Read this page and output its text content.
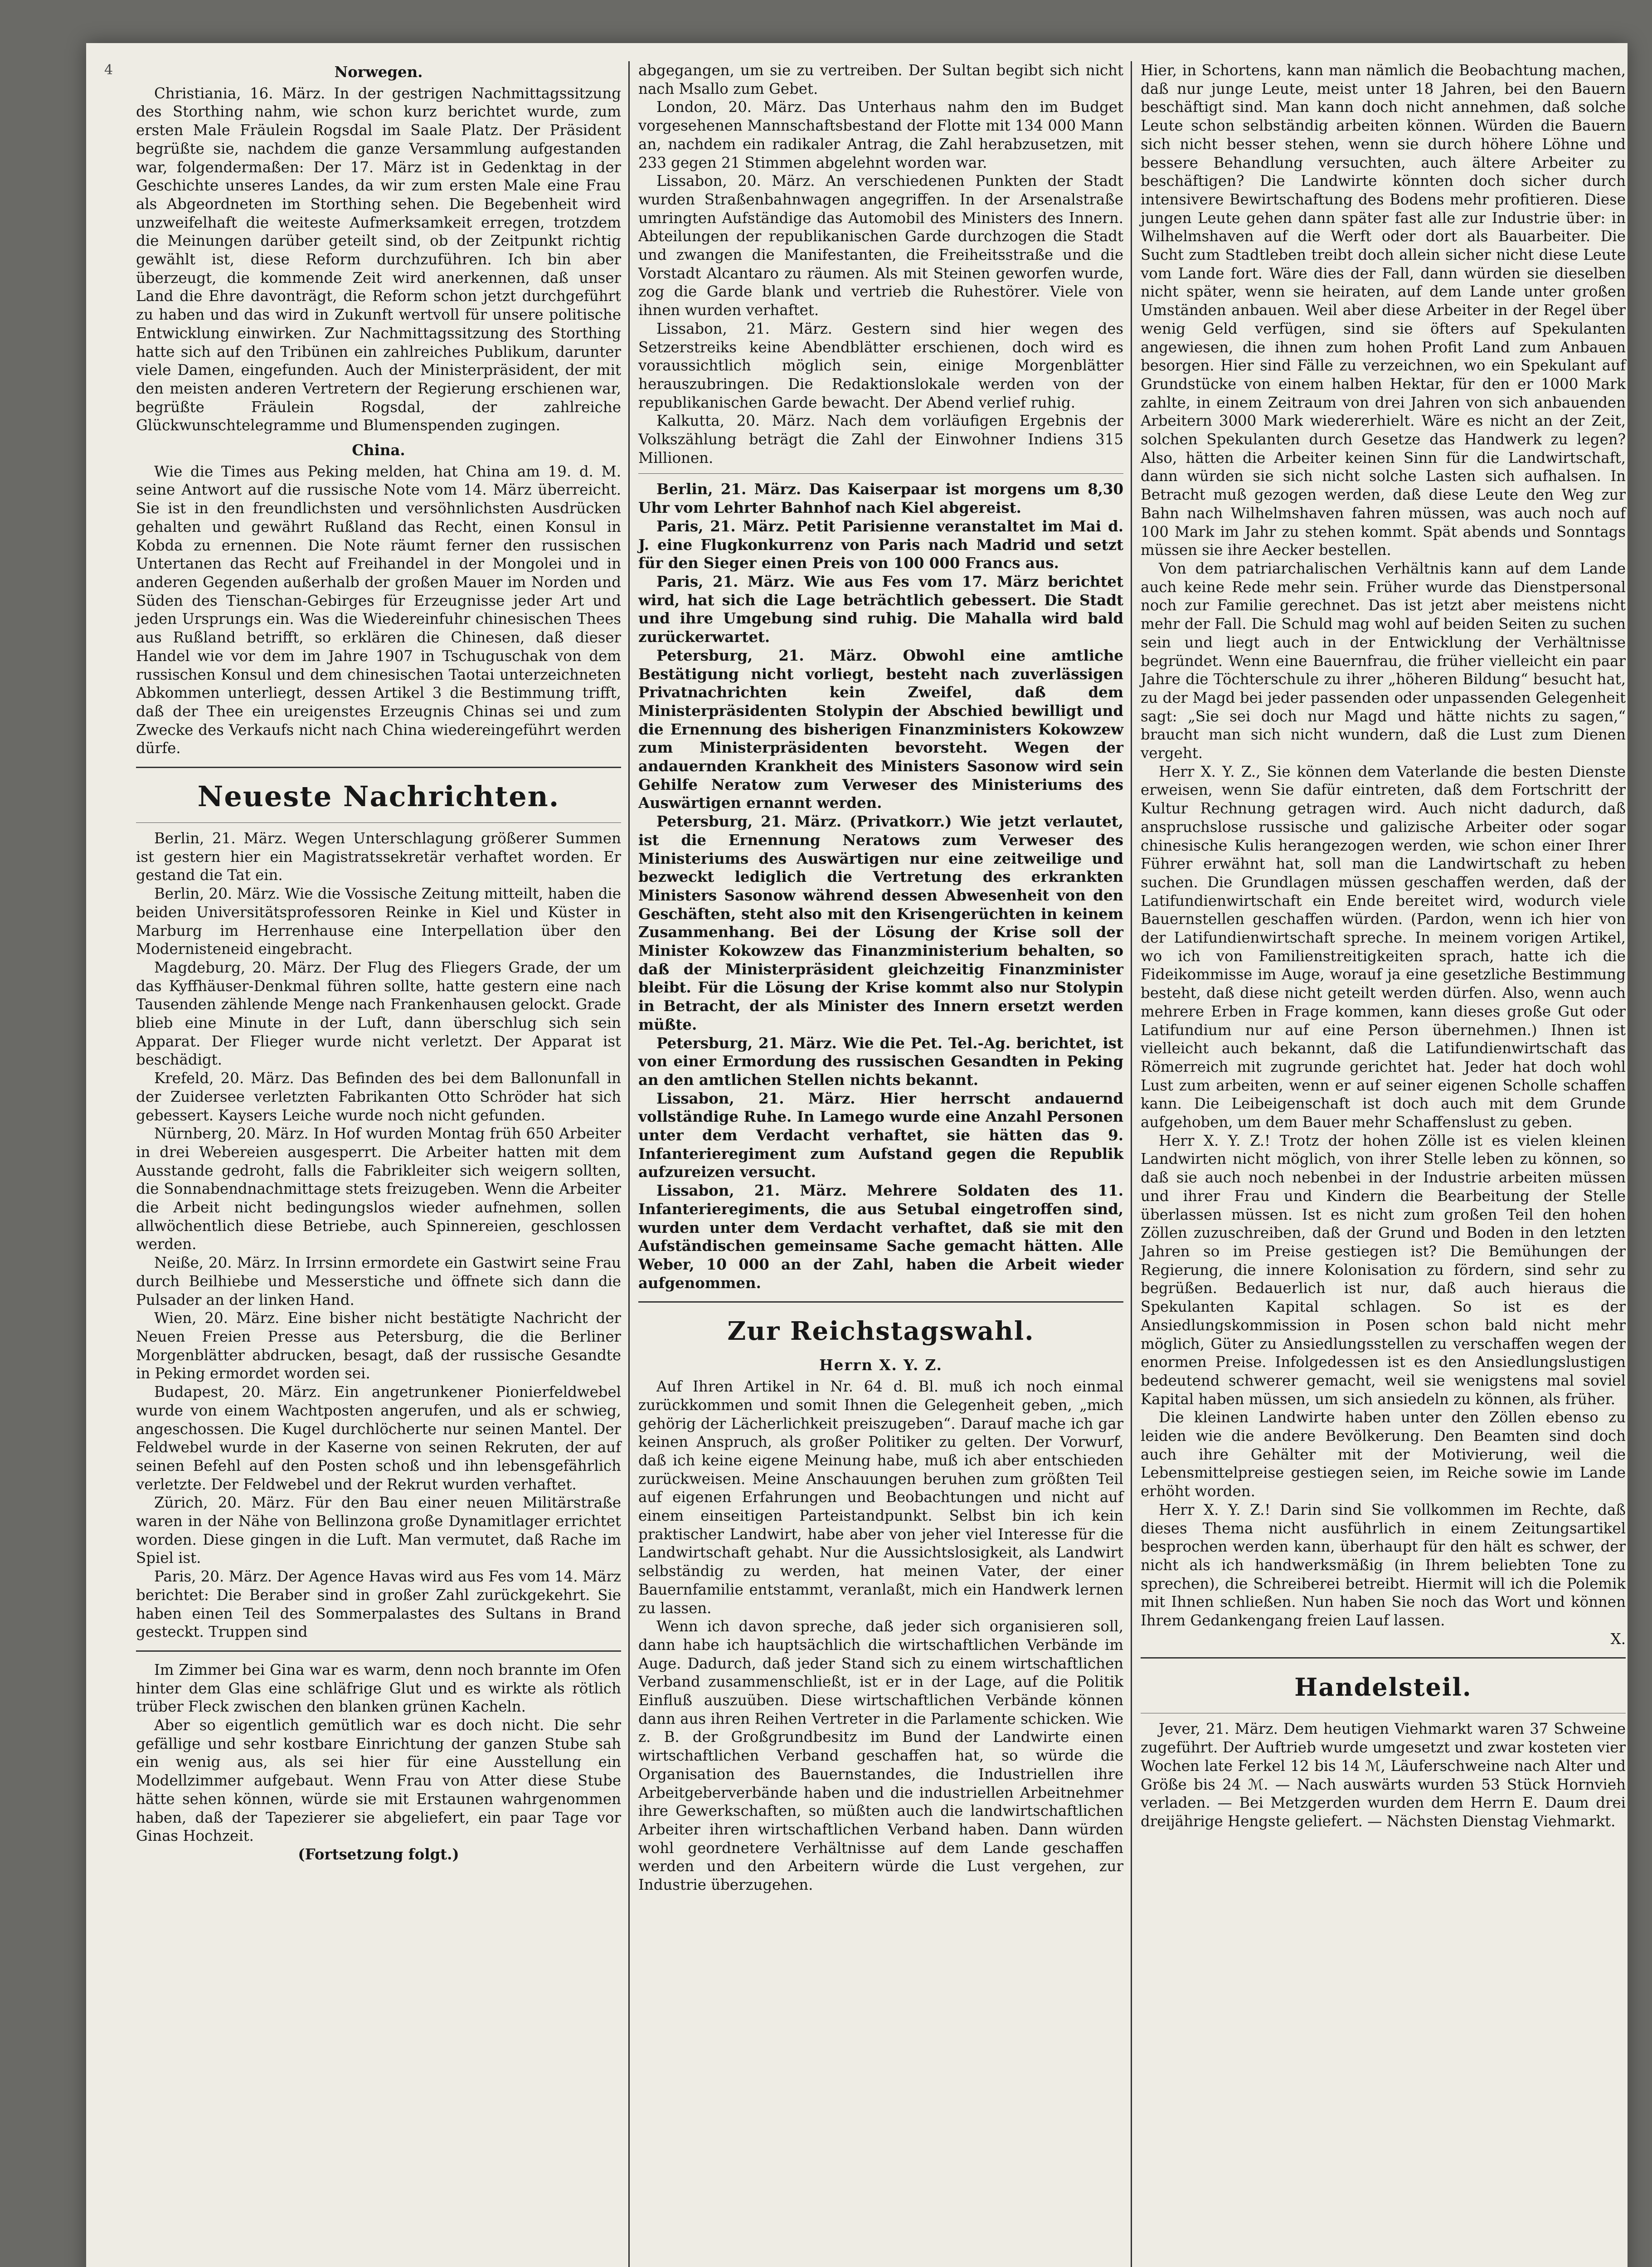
4	Norwegen.

Christiania, 16. März. In der gestrigen Nachmittagssitzung des Storthing nahm, wie schon kurz berichtet wurde, zum ersten Male Fräulein Rogsdal im Saale Platz. Der Präsident begrüßte sie, nachdem die ganze Versammlung aufgestanden war, folgendermaßen: Der 17. März ist in Gedenktag in der Geschichte unseres Landes, da wir zum ersten Male eine Frau als Abgeordneten im Storthing sehen. Die Begebenheit wird unzweifelhaft die weiteste Aufmerksamkeit erregen, trotzdem die Meinungen darüber geteilt sind, ob der Zeitpunkt richtig gewählt ist, diese Reform durchzuführen. Ich bin aber überzeugt, die kommende Zeit wird anerkennen, daß unser Land die Ehre davonträgt, die Reform schon jetzt durchgeführt zu haben und das wird in Zukunft wertvoll für unsere politische Entwicklung einwirken. Zur Nachmittagssitzung des Storthing hatte sich auf den Tribünen ein zahlreiches Publikum, darunter viele Damen, eingefunden. Auch der Ministerpräsident, der mit den meisten anderen Vertretern der Regierung erschienen war, begrüßte Fräulein Rogsdal, der zahlreiche Glückwunschtelegramme und Blumenspenden zugingen.

China.

Wie die Times aus Peking melden, hat China am 19. d. M. seine Antwort auf die russische Note vom 14. März überreicht. Sie ist in den freundlichsten und versöhnlichsten Ausdrücken gehalten und gewährt Rußland das Recht, einen Konsul in Kobda zu ernennen. Die Note räumt ferner den russischen Untertanen das Recht auf Freihandel in der Mongolei und in anderen Gegenden außerhalb der großen Mauer im Norden und Süden des Tienschan-Gebirges für Erzeugnisse jeder Art und jeden Ursprungs ein. Was die Wiedereinfuhr chinesischen Thees aus Rußland betrifft, so erklären die Chinesen, daß dieser Handel wie vor dem im Jahre 1907 in Tschuguschak von dem russischen Konsul und dem chinesischen Taotai unterzeichneten Abkommen unterliegt, dessen Artikel 3 die Bestimmung trifft, daß der Thee ein ureigenstes Erzeugnis Chinas sei und zum Zwecke des Verkaufs nicht nach China wiedereingeführt werden dürfe.

Neueste Nachrichten.

Berlin, 21. März. Wegen Unterschlagung größerer Summen ist gestern hier ein Magistratssekretär verhaftet worden. Er gestand die Tat ein.

Berlin, 20. März. Wie die Vossische Zeitung mitteilt, haben die beiden Universitätsprofessoren Reinke in Kiel und Küster in Marburg im Herrenhause eine Interpellation über den Modernisteneid eingebracht.

Magdeburg, 20. März. Der Flug des Fliegers Grade, der um das Kyffhäuser-Denkmal führen sollte, hatte gestern eine nach Tausenden zählende Menge nach Frankenhausen gelockt. Grade blieb eine Minute in der Luft, dann überschlug sich sein Apparat. Der Flieger wurde nicht verletzt. Der Apparat ist beschädigt.

Krefeld, 20. März. Das Befinden des bei dem Ballonunfall in der Zuidersee verletzten Fabrikanten Otto Schröder hat sich gebessert. Kaysers Leiche wurde noch nicht gefunden.

Nürnberg, 20. März. In Hof wurden Montag früh 650 Arbeiter in drei Webereien ausgesperrt. Die Arbeiter hatten mit dem Ausstande gedroht, falls die Fabrikleiter sich weigern sollten, die Sonnabendnachmittage stets freizugeben. Wenn die Arbeiter die Arbeit nicht bedingungslos wieder aufnehmen, sollen allwöchentlich diese Betriebe, auch Spinnereien, geschlossen werden.

Neiße, 20. März. In Irrsinn ermordete ein Gastwirt seine Frau durch Beilhiebe und Messerstiche und öffnete sich dann die Pulsader an der linken Hand.

Wien, 20. März. Eine bisher nicht bestätigte Nachricht der Neuen Freien Presse aus Petersburg, die die Berliner Morgenblätter abdrucken, besagt, daß der russische Gesandte in Peking ermordet worden sei.

Budapest, 20. März. Ein angetrunkener Pionierfeldwebel wurde von einem Wachtposten angerufen, und als er schwieg, angeschossen. Die Kugel durchlöcherte nur seinen Mantel. Der Feldwebel wurde in der Kaserne von seinen Rekruten, der auf seinen Befehl auf den Posten schoß und ihn lebensgefährlich verletzte. Der Feldwebel und der Rekrut wurden verhaftet.

Zürich, 20. März. Für den Bau einer neuen Militärstraße waren in der Nähe von Bellinzona große Dynamitlager errichtet worden. Diese gingen in die Luft. Man vermutet, daß Rache im Spiel ist.

Paris, 20. März. Der Agence Havas wird aus Fes vom 14. März berichtet: Die Beraber sind in großer Zahl zurückgekehrt. Sie haben einen Teil des Sommerpalastes des Sultans in Brand gesteckt. Truppen sind

Im Zimmer bei Gina war es warm, denn noch brannte im Ofen hinter dem Glas eine schläfrige Glut und es wirkte als rötlich trüber Fleck zwischen den blanken grünen Kacheln.

Aber so eigentlich gemütlich war es doch nicht. Die sehr gefällige und sehr kostbare Einrichtung der ganzen Stube sah ein wenig aus, als sei hier für eine Ausstellung ein Modellzimmer aufgebaut. Wenn Frau von Atter diese Stube hätte sehen können, würde sie mit Erstaunen wahrgenommen haben, daß der Tapezierer sie abgeliefert, ein paar Tage vor Ginas Hochzeit.

(Fortsetzung folgt.)

abgegangen, um sie zu vertreiben. Der Sultan begibt sich nicht nach Msallo zum Gebet.

London, 20. März. Das Unterhaus nahm den im Budget vorgesehenen Mannschaftsbestand der Flotte mit 134 000 Mann an, nachdem ein radikaler Antrag, die Zahl herabzusetzen, mit 233 gegen 21 Stimmen abgelehnt worden war.

Lissabon, 20. März. An verschiedenen Punkten der Stadt wurden Straßenbahnwagen angegriffen. In der Arsenalstraße umringten Aufständige das Automobil des Ministers des Innern. Abteilungen der republikanischen Garde durchzogen die Stadt und zwangen die Manifestanten, die Freiheitsstraße und die Vorstadt Alcantaro zu räumen. Als mit Steinen geworfen wurde, zog die Garde blank und vertrieb die Ruhestörer. Viele von ihnen wurden verhaftet.

Lissabon, 21. März. Gestern sind hier wegen des Setzerstreiks keine Abendblätter erschienen, doch wird es voraussichtlich möglich sein, einige Morgenblätter herauszubringen. Die Redaktionslokale werden von der republikanischen Garde bewacht. Der Abend verlief ruhig.

Kalkutta, 20. März. Nach dem vorläufigen Ergebnis der Volkszählung beträgt die Zahl der Einwohner Indiens 315 Millionen.

Berlin, 21. März. Das Kaiserpaar ist morgens um 8,30 Uhr vom Lehrter Bahnhof nach Kiel abgereist.

Paris, 21. März. Petit Parisienne veranstaltet im Mai d. J. eine Flugkonkurrenz von Paris nach Madrid und setzt für den Sieger einen Preis von 100 000 Francs aus.

Paris, 21. März. Wie aus Fes vom 17. März berichtet wird, hat sich die Lage beträchtlich gebessert. Die Stadt und ihre Umgebung sind ruhig. Die Mahalla wird bald zurückerwartet.

Petersburg, 21. März. Obwohl eine amtliche Bestätigung nicht vorliegt, besteht nach zuverlässigen Privatnachrichten kein Zweifel, daß dem Ministerpräsidenten Stolypin der Abschied bewilligt und die Ernennung des bisherigen Finanzministers Kokowzew zum Ministerpräsidenten bevorsteht. Wegen der andauernden Krankheit des Ministers Sasonow wird sein Gehilfe Neratow zum Verweser des Ministeriums des Auswärtigen ernannt werden.

Petersburg, 21. März. (Privatkorr.) Wie jetzt verlautet, ist die Ernennung Neratows zum Verweser des Ministeriums des Auswärtigen nur eine zeitweilige und bezweckt lediglich die Vertretung des erkrankten Ministers Sasonow während dessen Abwesenheit von den Geschäften, steht also mit den Krisengerüchten in keinem Zusammenhang. Bei der Lösung der Krise soll der Minister Kokowzew das Finanzministerium behalten, so daß der Ministerpräsident gleichzeitig Finanzminister bleibt. Für die Lösung der Krise kommt also nur Stolypin in Betracht, der als Minister des Innern ersetzt werden müßte.

Petersburg, 21. März. Wie die Pet. Tel.-Ag. berichtet, ist von einer Ermordung des russischen Gesandten in Peking an den amtlichen Stellen nichts bekannt.

Lissabon, 21. März. Hier herrscht andauernd vollständige Ruhe. In Lamego wurde eine Anzahl Personen unter dem Verdacht verhaftet, sie hätten das 9. Infanterieregiment zum Aufstand gegen die Republik aufzureizen versucht.

Lissabon, 21. März. Mehrere Soldaten des 11. Infanterieregiments, die aus Setubal eingetroffen sind, wurden unter dem Verdacht verhaftet, daß sie mit den Aufständischen gemeinsame Sache gemacht hätten. Alle Weber, 10 000 an der Zahl, haben die Arbeit wieder aufgenommen.

Zur Reichstagswahl.
Herrn X. Y. Z.

Auf Ihren Artikel in Nr. 64 d. Bl. muß ich noch einmal zurückkommen und somit Ihnen die Gelegenheit geben, „mich gehörig der Lächerlichkeit preiszugeben“. Darauf mache ich gar keinen Anspruch, als großer Politiker zu gelten. Der Vorwurf, daß ich keine eigene Meinung habe, muß ich aber entschieden zurückweisen. Meine Anschauungen beruhen zum größten Teil auf eigenen Erfahrungen und Beobachtungen und nicht auf einem einseitigen Parteistandpunkt. Selbst bin ich kein praktischer Landwirt, habe aber von jeher viel Interesse für die Landwirtschaft gehabt. Nur die Aussichtslosigkeit, als Landwirt selbständig zu werden, hat meinen Vater, der einer Bauernfamilie entstammt, veranlaßt, mich ein Handwerk lernen zu lassen.

Wenn ich davon spreche, daß jeder sich organisieren soll, dann habe ich hauptsächlich die wirtschaftlichen Verbände im Auge. Dadurch, daß jeder Stand sich zu einem wirtschaftlichen Verband zusammenschließt, ist er in der Lage, auf die Politik Einfluß auszuüben. Diese wirtschaftlichen Verbände können dann aus ihren Reihen Vertreter in die Parlamente schicken. Wie z. B. der Großgrundbesitz im Bund der Landwirte einen wirtschaftlichen Verband geschaffen hat, so würde die Organisation des Bauernstandes, die Industriellen ihre Arbeitgeberverbände haben und die industriellen Arbeitnehmer ihre Gewerkschaften, so müßten auch die landwirtschaftlichen Arbeiter ihren wirtschaftlichen Verband haben. Dann würden wohl geordnetere Verhältnisse auf dem Lande geschaffen werden und den Arbeitern würde die Lust vergehen, zur Industrie überzugehen.

Hier, in Schortens, kann man nämlich die Beobachtung machen, daß nur junge Leute, meist unter 18 Jahren, bei den Bauern beschäftigt sind. Man kann doch nicht annehmen, daß solche Leute schon selbständig arbeiten können. Würden die Bauern sich nicht besser stehen, wenn sie durch höhere Löhne und bessere Behandlung versuchten, auch ältere Arbeiter zu beschäftigen? Die Landwirte könnten doch sicher durch intensivere Bewirtschaftung des Bodens mehr profitieren. Diese jungen Leute gehen dann später fast alle zur Industrie über: in Wilhelmshaven auf die Werft oder dort als Bauarbeiter. Die Sucht zum Stadtleben treibt doch allein sicher nicht diese Leute vom Lande fort. Wäre dies der Fall, dann würden sie dieselben nicht später, wenn sie heiraten, auf dem Lande unter großen Umständen anbauen. Weil aber diese Arbeiter in der Regel über wenig Geld verfügen, sind sie öfters auf Spekulanten angewiesen, die ihnen zum hohen Profit Land zum Anbauen besorgen. Hier sind Fälle zu verzeichnen, wo ein Spekulant auf Grundstücke von einem halben Hektar, für den er 1000 Mark zahlte, in einem Zeitraum von drei Jahren von sich anbauenden Arbeitern 3000 Mark wiedererhielt. Wäre es nicht an der Zeit, solchen Spekulanten durch Gesetze das Handwerk zu legen? Also, hätten die Arbeiter keinen Sinn für die Landwirtschaft, dann würden sie sich nicht solche Lasten sich aufhalsen. In Betracht muß gezogen werden, daß diese Leute den Weg zur Bahn nach Wilhelmshaven fahren müssen, was auch noch auf 100 Mark im Jahr zu stehen kommt. Spät abends und Sonntags müssen sie ihre Aecker bestellen.

Von dem patriarchalischen Verhältnis kann auf dem Lande auch keine Rede mehr sein. Früher wurde das Dienstpersonal noch zur Familie gerechnet. Das ist jetzt aber meistens nicht mehr der Fall. Die Schuld mag wohl auf beiden Seiten zu suchen sein und liegt auch in der Entwicklung der Verhältnisse begründet. Wenn eine Bauernfrau, die früher vielleicht ein paar Jahre die Töchterschule zu ihrer „höheren Bildung“ besucht hat, zu der Magd bei jeder passenden oder unpassenden Gelegenheit sagt: „Sie sei doch nur Magd und hätte nichts zu sagen,“ braucht man sich nicht wundern, daß die Lust zum Dienen vergeht.

Herr X. Y. Z., Sie können dem Vaterlande die besten Dienste erweisen, wenn Sie dafür eintreten, daß dem Fortschritt der Kultur Rechnung getragen wird. Auch nicht dadurch, daß anspruchslose russische und galizische Arbeiter oder sogar chinesische Kulis herangezogen werden, wie schon einer Ihrer Führer erwähnt hat, soll man die Landwirtschaft zu heben suchen. Die Grundlagen müssen geschaffen werden, daß der Latifundienwirtschaft ein Ende bereitet wird, wodurch viele Bauernstellen geschaffen würden. (Pardon, wenn ich hier von der Latifundienwirtschaft spreche. In meinem vorigen Artikel, wo ich von Familienstreitigkeiten sprach, hatte ich die Fideikommisse im Auge, worauf ja eine gesetzliche Bestimmung besteht, daß diese nicht geteilt werden dürfen. Also, wenn auch mehrere Erben in Frage kommen, kann dieses große Gut oder Latifundium nur auf eine Person übernehmen.) Ihnen ist vielleicht auch bekannt, daß die Latifundienwirtschaft das Römerreich mit zugrunde gerichtet hat. Jeder hat doch wohl Lust zum arbeiten, wenn er auf seiner eigenen Scholle schaffen kann. Die Leibeigenschaft ist doch auch mit dem Grunde aufgehoben, um dem Bauer mehr Schaffenslust zu geben.

Herr X. Y. Z.! Trotz der hohen Zölle ist es vielen kleinen Landwirten nicht möglich, von ihrer Stelle leben zu können, so daß sie auch noch nebenbei in der Industrie arbeiten müssen und ihrer Frau und Kindern die Bearbeitung der Stelle überlassen müssen. Ist es nicht zum großen Teil den hohen Zöllen zuzuschreiben, daß der Grund und Boden in den letzten Jahren so im Preise gestiegen ist? Die Bemühungen der Regierung, die innere Kolonisation zu fördern, sind sehr zu begrüßen. Bedauerlich ist nur, daß auch hieraus die Spekulanten Kapital schlagen. So ist es der Ansiedlungskommission in Posen schon bald nicht mehr möglich, Güter zu Ansiedlungsstellen zu verschaffen wegen der enormen Preise. Infolgedessen ist es den Ansiedlungslustigen bedeutend schwerer gemacht, weil sie wenigstens mal soviel Kapital haben müssen, um sich ansiedeln zu können, als früher.

Die kleinen Landwirte haben unter den Zöllen ebenso zu leiden wie die andere Bevölkerung. Den Beamten sind doch auch ihre Gehälter mit der Motivierung, weil die Lebensmittelpreise gestiegen seien, im Reiche sowie im Lande erhöht worden.

Herr X. Y. Z.! Darin sind Sie vollkommen im Rechte, daß dieses Thema nicht ausführlich in einem Zeitungsartikel besprochen werden kann, überhaupt für den hält es schwer, der nicht als ich handwerksmäßig (in Ihrem beliebten Tone zu sprechen), die Schreiberei betreibt. Hiermit will ich die Polemik mit Ihnen schließen. Nun haben Sie noch das Wort und können Ihrem Gedankengang freien Lauf lassen.

X.

Handelsteil.

Jever, 21. März. Dem heutigen Viehmarkt waren 37 Schweine zugeführt. Der Auftrieb wurde umgesetzt und zwar kosteten vier Wochen late Ferkel 12 bis 14 ℳ, Läuferschweine nach Alter und Größe bis 24 ℳ. — Nach auswärts wurden 53 Stück Hornvieh verladen. — Bei Metzgerden wurden dem Herrn E. Daum drei dreijährige Hengste geliefert. — Nächsten Dienstag Viehmarkt.
